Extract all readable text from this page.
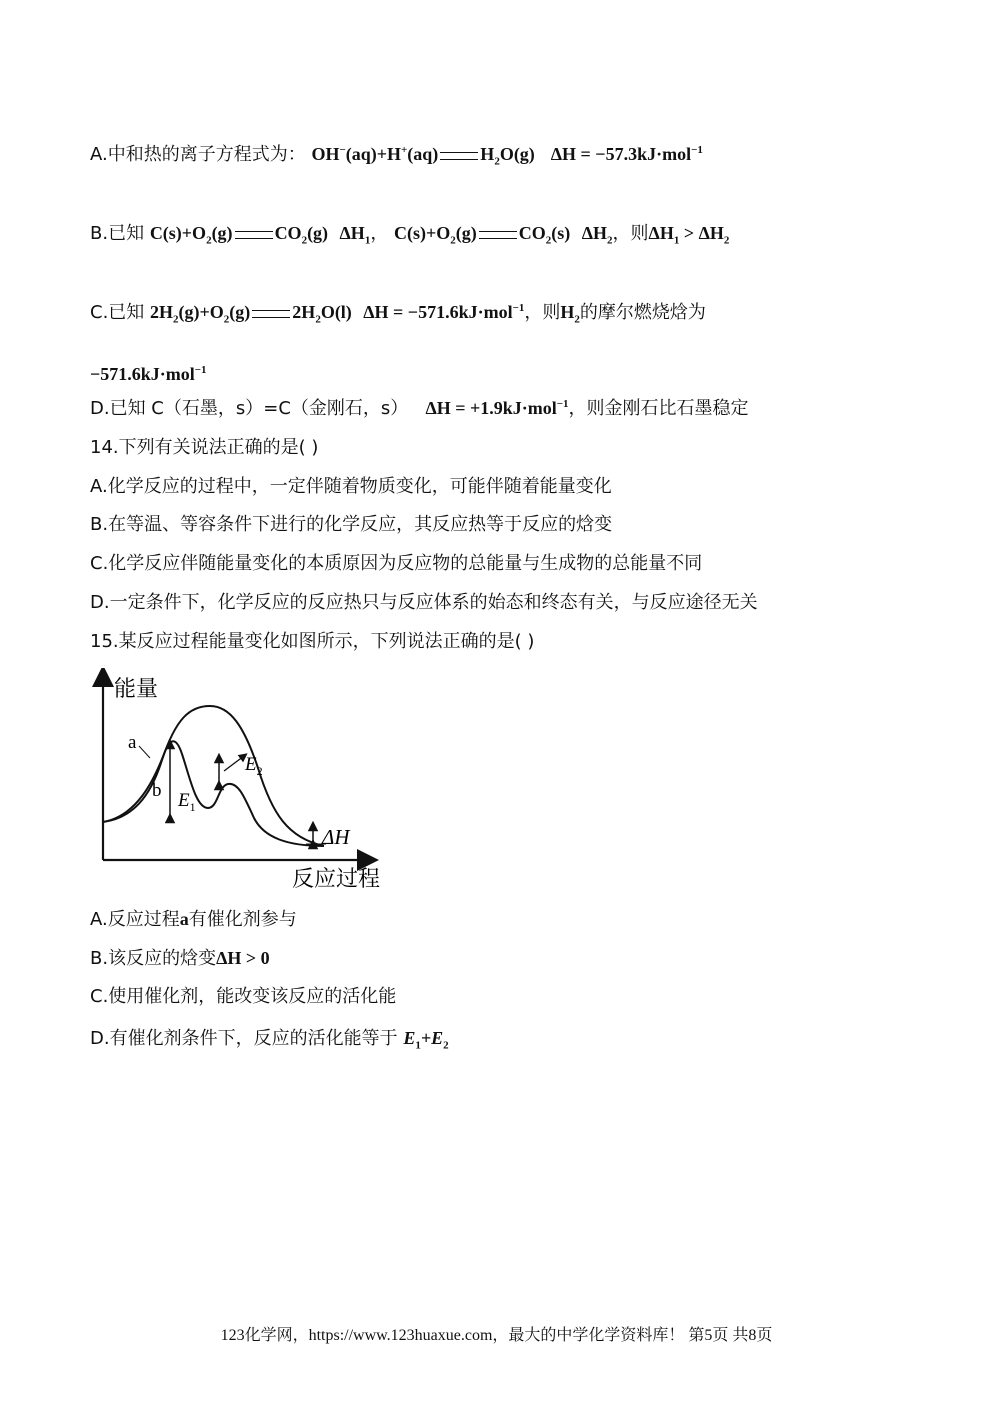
A.中和热的离子方程式为： OH−(aq)+H+(aq) $H_2O(g) \Delta H = -57.3kJ\cdot mol^{-1}$
B.已知 $C(s)+O_2(g)$ $CO_2(g)$ $\Delta H_1$， $C(s)+O_2(g)$ $CO_2(s)$ $\Delta H_2$，则$\Delta H_1 > \Delta H_2$
C.已知 $2H_2(g)+O_2(g)$ $2H_2O(l) \Delta H = -571.6kJ\cdot mol^{-1}$，则$H_2$的摩尔燃烧焓为
−571.6kJ·mol$^{-1}$
D.已知 C（石墨，s）=C（金刚石，s） ΔH = +1.9kJ·mol$^{-1}$，则金刚石比石墨稳定
14.下列有关说法正确的是( )
A.化学反应的过程中，一定伴随着物质变化，可能伴随着能量变化
B.在等温、等容条件下进行的化学反应，其反应热等于反应的焓变
C.化学反应伴随能量变化的本质原因为反应物的总能量与生成物的总能量不同
D.一定条件下，化学反应的反应热只与反应体系的始态和终态有关，与反应途径无关
15.某反应过程能量变化如图所示，下列说法正确的是( )
能量
反应过程
a
b $E_1$
$E_2$
ΔH
A.反应过程a有催化剂参与
B.该反应的焓变ΔH > 0
C.使用催化剂，能改变该反应的活化能
D.有催化剂条件下，反应的活化能等于 $E_1+E_2$
123化学网，https://www.123huaxue.com，最大的中学化学资料库！ 第5页 共8页
